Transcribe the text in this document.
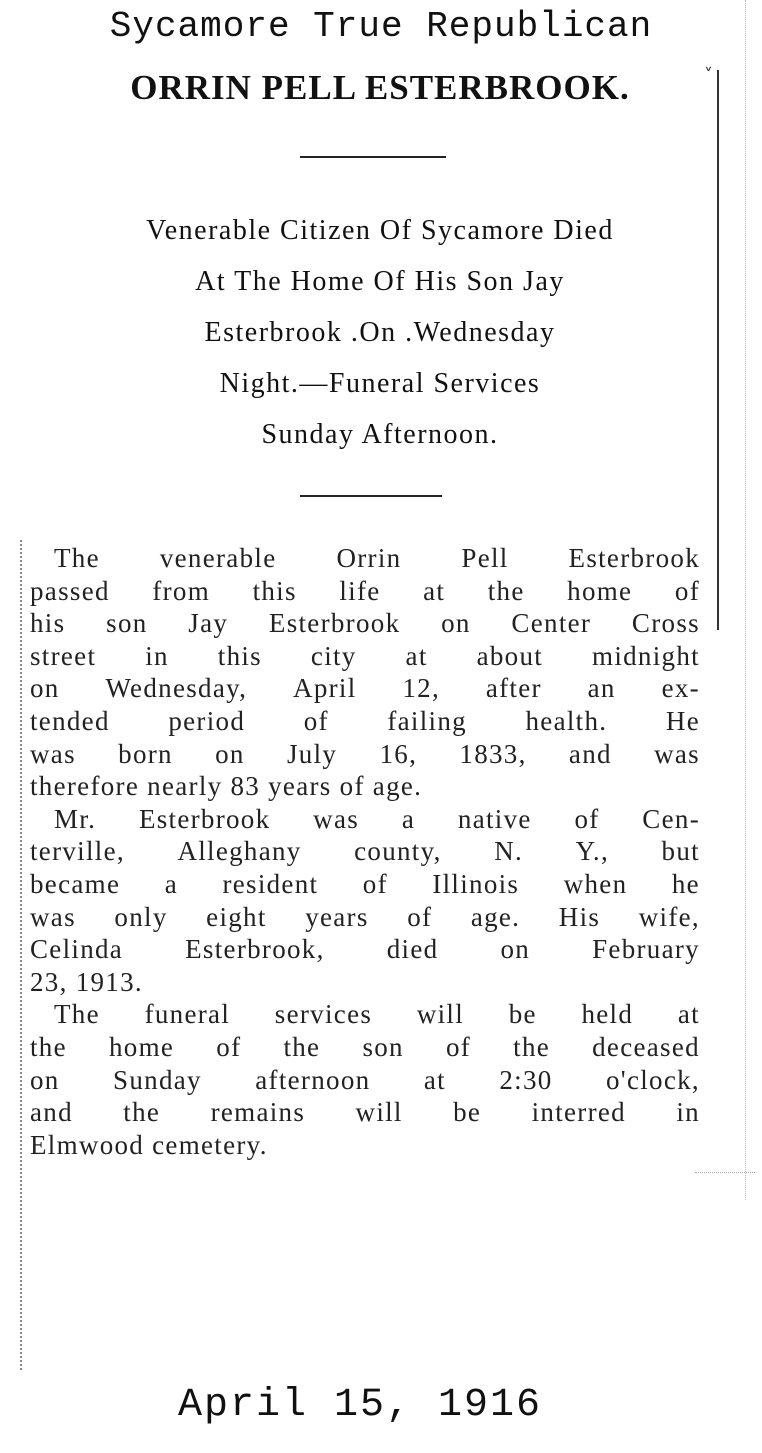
Sycamore True Republican
ORRIN PELL ESTERBROOK.	˅
Venerable Citizen Of Sycamore Died
At The Home Of His Son Jay
Esterbrook .On .Wednesday
Night.—Funeral Services
Sunday Afternoon.
The venerable Orrin Pell Esterbrook
passed from this life at the home of
his son Jay Esterbrook on Center Cross
street in this city at about midnight
on Wednesday, April 12, after an ex-
tended period of failing health. He
was born on July 16, 1833, and was
therefore nearly 83 years of age.
Mr. Esterbrook was a native of Cen-
terville, Alleghany county, N. Y., but
became a resident of Illinois when he
was only eight years of age. His wife,
Celinda Esterbrook, died on February
23, 1913.
The funeral services will be held at
the home of the son of the deceased
on Sunday afternoon at 2:30 o'clock,
and the remains will be interred in
Elmwood cemetery.
April 15, 1916
